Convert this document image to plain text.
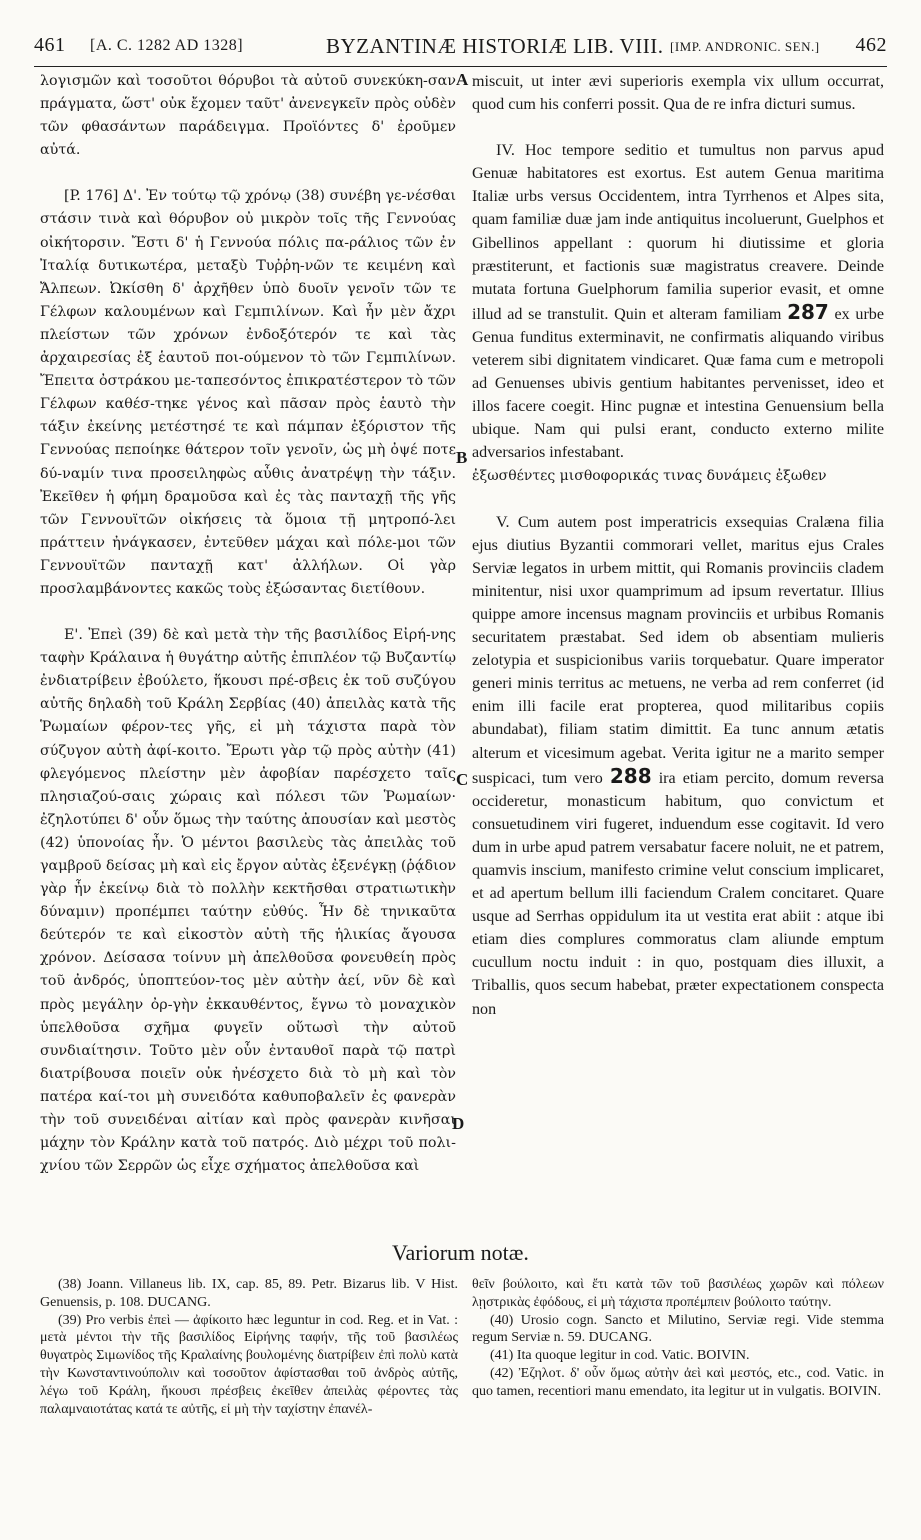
461 [A. C. 1282 AD 1328]	BYZANTINÆ HISTORIÆ LIB. VIII. [IMP. ANDRONIC. SEN.] 462

λογισμῶν καὶ τοσοῦτοι θόρυβοι τὰ αὐτοῦ συνεκύκη-σαν πράγματα, ὥστ' οὐκ ἔχομεν ταῦτ' ἀνενεγκεῖν πρὸς οὐδὲν τῶν φθασάντων παράδειγμα. Προϊόντες δ' ἐροῦμεν αὐτά.

[P. 176] Δ'. Ἐν τούτῳ τῷ χρόνῳ (38) συνέβη γε-νέσθαι στάσιν τινὰ καὶ θόρυβον οὐ μικρὸν τοῖς τῆς Γεννούας οἰκήτορσιν. Ἔστι δ' ἡ Γεννούα πόλις πα-ράλιος τῶν ἐν Ἰταλίᾳ δυτικωτέρα, μεταξὺ Τυῤῥη-νῶν τε κειμένη καὶ Ἄλπεων. Ὠκίσθη δ' ἀρχῆθεν ὑπὸ δυοῖν γενοῖν τῶν τε Γέλφων καλουμένων καὶ Γεμπιλίνων. Καὶ ἦν μὲν ἄχρι πλείστων τῶν χρόνων ἐνδοξότερόν τε καὶ τὰς ἀρχαιρεσίας ἐξ ἑαυτοῦ ποι-ούμενον τὸ τῶν Γεμπιλίνων. Ἔπειτα ὀστράκου με-ταπεσόντος ἐπικρατέστερον τὸ τῶν Γέλφων καθέσ-τηκε γένος καὶ πᾶσαν πρὸς ἑαυτὸ τὴν τάξιν ἐκείνης μετέστησέ τε καὶ πάμπαν ἐξόριστον τῆς Γεννούας πεποίηκε θάτερον τοῖν γενοῖν, ὡς μὴ ὀψέ ποτε δύ-ναμίν τινα προσειληφὼς αὖθις ἀνατρέψῃ τὴν τάξιν. Ἐκεῖθεν ἡ φήμη δραμοῦσα καὶ ἐς τὰς πανταχῇ τῆς γῆς τῶν Γεννουϊτῶν οἰκήσεις τὰ ὅμοια τῇ μητροπό-λει πράττειν ἠνάγκασεν, ἐντεῦθεν μάχαι καὶ πόλε-μοι τῶν Γεννουϊτῶν πανταχῇ κατ' ἀλλήλων. Οἱ γὰρ προσλαμβάνοντες κακῶς τοὺς ἐξώσαντας διετίθουν.

Ε'. Ἐπεὶ (39) δὲ καὶ μετὰ τὴν τῆς βασιλίδος Εἰρή-νης ταφὴν Κράλαινα ἡ θυγάτηρ αὐτῆς ἐπιπλέον τῷ Βυζαντίῳ ἐνδιατρίβειν ἐβούλετο, ἥκουσι πρέ-σβεις ἐκ τοῦ συζύγου αὐτῆς δηλαδὴ τοῦ Κράλη Σερβίας (40) ἀπειλὰς κατὰ τῆς Ῥωμαίων φέρον-τες γῆς, εἰ μὴ τάχιστα παρὰ τὸν σύζυγον αὐτὴ ἀφί-κοιτο. Ἔρωτι γὰρ τῷ πρὸς αὐτὴν (41) φλεγόμενος πλείστην μὲν ἀφοβίαν παρέσχετο ταῖς πλησιαζού-σαις χώραις καὶ πόλεσι τῶν Ῥωμαίων· ἐζηλοτύπει δ' οὖν ὅμως τὴν ταύτης ἀπουσίαν καὶ μεστὸς (42) ὑπονοίας ἦν. Ὁ μέντοι βασιλεὺς τὰς ἀπειλὰς τοῦ γαμβροῦ δείσας μὴ καὶ εἰς ἔργον αὐτὰς ἐξενέγκῃ (ῥᾴδιον γὰρ ἦν ἐκείνῳ διὰ τὸ πολλὴν κεκτῆσθαι στρατιωτικὴν δύναμιν) προπέμπει ταύτην εὐθύς. Ἦν δὲ τηνικαῦτα δεύτερόν τε καὶ εἰκοστὸν αὐτὴ τῆς ἡλικίας ἄγουσα χρόνον. Δείσασα τοίνυν μὴ ἀπελθοῦσα φονευθείη πρὸς τοῦ ἀνδρός, ὑποπτεύον-τος μὲν αὐτὴν ἀεί, νῦν δὲ καὶ πρὸς μεγάλην ὀρ-γὴν ἐκκαυθέντος, ἔγνω τὸ μοναχικὸν ὑπελθοῦσα σχῆμα φυγεῖν οὕτωσὶ τὴν αὐτοῦ συνδιαίτησιν. Τοῦτο μὲν οὖν ἐνταυθοῖ παρὰ τῷ πατρὶ διατρίβουσα ποιεῖν οὐκ ἠνέσχετο διὰ τὸ μὴ καὶ τὸν πατέρα καί-τοι μὴ συνειδότα καθυποβαλεῖν ἐς φανερὰν τὴν τοῦ συνειδέναι αἰτίαν καὶ πρὸς φανερὰν κινῆσαι μάχην τὸν Κράλην κατὰ τοῦ πατρός. Διὸ μέχρι τοῦ πολι-χνίου τῶν Σερρῶν ὡς εἶχε σχήματος ἀπελθοῦσα καὶ

A
B
C
D

miscuit, ut inter ævi superioris exempla vix ullum occurrat, quod cum his conferri possit. Qua de re infra dicturi sumus.

IV. Hoc tempore seditio et tumultus non parvus apud Genuæ habitatores est exortus. Est autem Genua maritima Italiæ urbs versus Occidentem, intra Tyrrhenos et Alpes sita, quam familiæ duæ jam inde antiquitus incoluerunt, Guelphos et Gibellinos appellant : quorum hi diutissime et gloria præstiterunt, et factionis suæ magistratus creavere. Deinde mutata fortuna Guelphorum familia superior evasit, et omne illud ad se transtulit. Quin et alteram familiam 287 ex urbe Genua funditus exterminavit, ne confirmatis aliquando viribus veterem sibi dignitatem vindicaret. Quæ fama cum e metropoli ad Genuenses ubivis gentium habitantes pervenisset, ideo et illos facere coegit. Hinc pugnæ et intestina Genuensium bella ubique. Nam qui pulsi erant, conducto externo milite adversarios infestabant.

ἐξωσθέντες μισθοφορικάς τινας δυνάμεις ἐξωθεν

V. Cum autem post imperatricis exsequias Cralæna filia ejus diutius Byzantii commorari vellet, maritus ejus Crales Serviæ legatos in urbem mittit, qui Romanis provinciis cladem minitentur, nisi uxor quamprimum ad ipsum revertatur. Illius quippe amore incensus magnam provinciis et urbibus Romanis securitatem præstabat. Sed idem ob absentiam mulieris zelotypia et suspicionibus variis torquebatur. Quare imperator generi minis territus ac metuens, ne verba ad rem conferret (id enim illi facile erat propterea, quod militaribus copiis abundabat), filiam statim dimittit. Ea tunc annum ætatis alterum et vicesimum agebat. Verita igitur ne a marito semper suspicaci, tum vero 288 ira etiam percito, domum reversa occideretur, monasticum habitum, quo convictum et consuetudinem viri fugeret, induendum esse cogitavit. Id vero dum in urbe apud patrem versabatur facere noluit, ne et patrem, quamvis inscium, manifesto crimine velut conscium implicaret, et ad apertum bellum illi faciendum Cralem concitaret. Quare usque ad Serrhas oppidulum ita ut vestita erat abiit : atque ibi etiam dies complures commoratus clam aliunde emptum cucullum noctu induit : in quo, postquam dies illuxit, a Triballis, quos secum habebat, præter expectationem conspecta non

Variorum notæ.

(38) Joann. Villaneus lib. IX, cap. 85, 89. Petr. Bizarus lib. V Hist. Genuensis, p. 108. DUCANG.

(39) Pro verbis ἐπεὶ — ἀφίκοιτο hæc leguntur in cod. Reg. et in Vat. : μετὰ μέντοι τὴν τῆς βασιλίδος Εἰρήνης ταφήν, τῆς τοῦ βασιλέως θυγατρὸς Σιμωνίδος τῆς Κραλαίνης βουλομένης διατρίβειν ἐπὶ πολὺ κατὰ τὴν Κωνσταντινούπολιν καὶ τοσοῦτον ἀφίστασθαι τοῦ ἀνδρὸς αὐτῆς, λέγω τοῦ Κράλη, ἥκουσι πρέσβεις ἐκεῖθεν ἀπειλὰς φέροντες τὰς παλαμναιοτάτας κατά τε αὐτῆς, εἰ μὴ τὴν ταχίστην ἐπανέλ-

θεῖν βούλοιτο, καὶ ἔτι κατὰ τῶν τοῦ βασιλέως χωρῶν καὶ πόλεων λῃστρικὰς ἐφόδους, εἰ μὴ τάχιστα προπέμπειν βούλοιτο ταύτην.

(40) Urosio cogn. Sancto et Milutino, Serviæ regi. Vide stemma regum Serviæ n. 59. DUCANG.

(41) Ita quoque legitur in cod. Vatic. BOIVIN.

(42) Ἐζηλοτ. δ' οὖν ὅμως αὐτὴν ἀεὶ καὶ μεστός, etc., cod. Vatic. in quo tamen, recentiori manu emendato, ita legitur ut in vulgatis. BOIVIN.
